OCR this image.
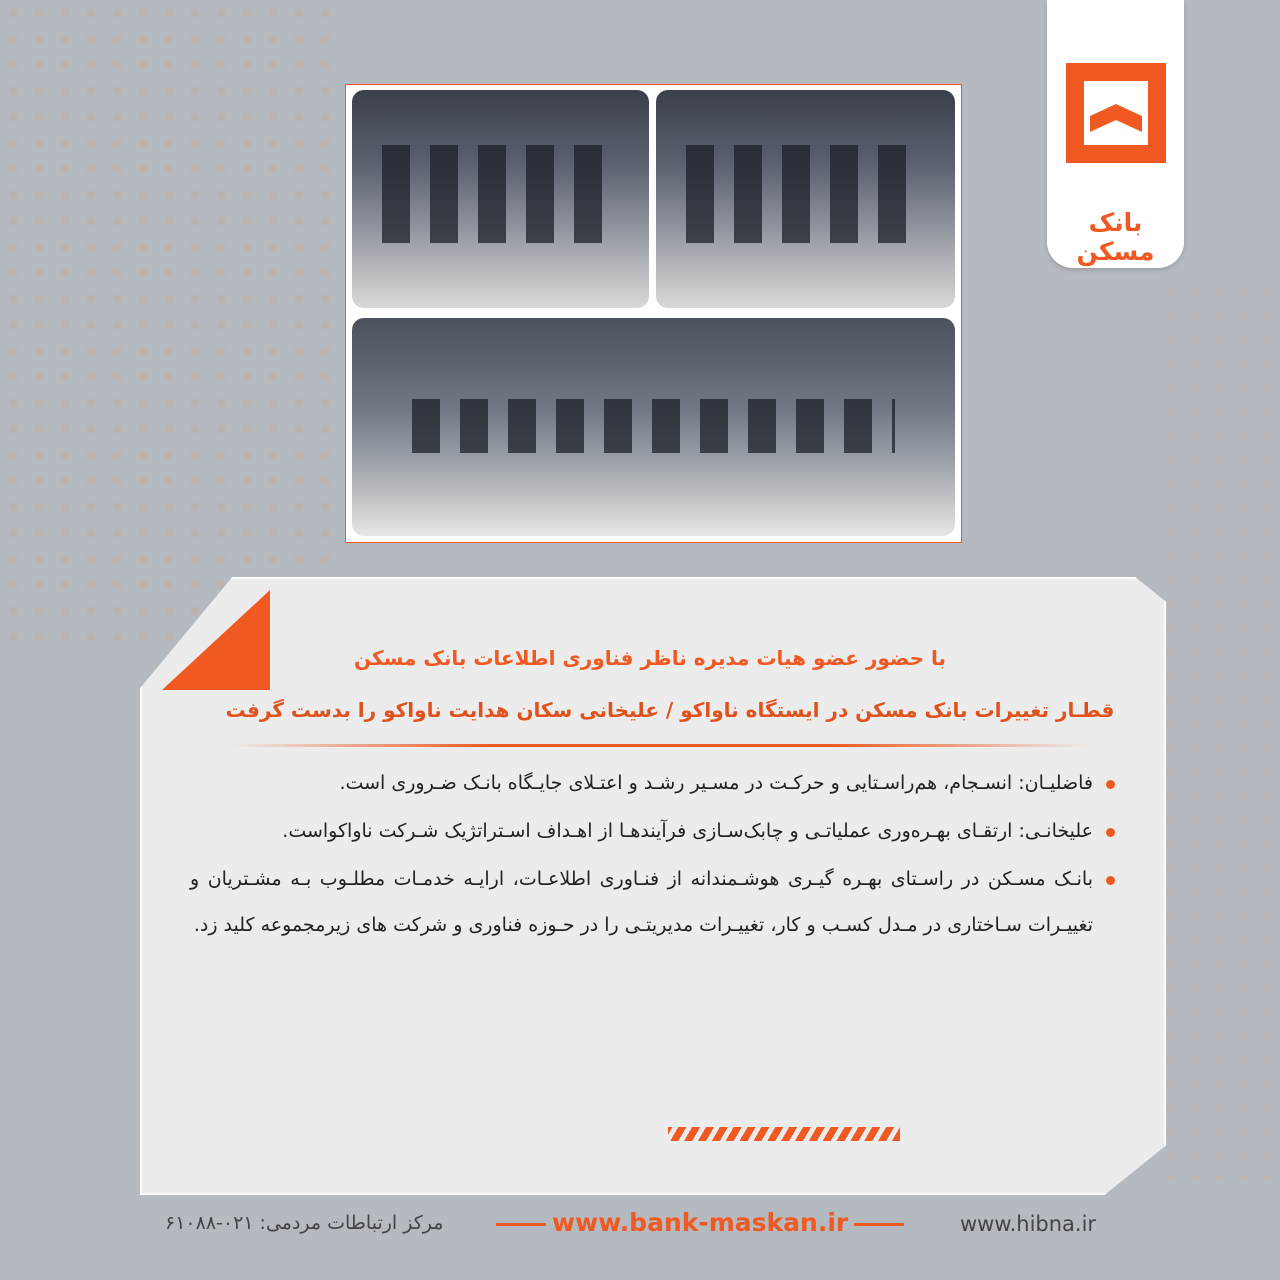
بانک مسکن
با حضور عضو هیات مدیره ناظر فناوری اطلاعات بانک مسکن
قطـار تغییرات بانک مسکن در ایستگاه ناواکو / علیخانی سکان هدایت ناواکو را بدست گرفت

فاضلیـان: انسـجام، هم‌راسـتایی و حرکـت در مسـیر رشـد و اعتـلای جایـگاه بانـک ضـروری است.

علیخانـی: ارتقـای بهـره‌وری عملیاتـی و چابک‌سـازی فرآیندهـا از اهـداف اسـتراتژیک شـرکت ناواکواست.

بانـک مسـکن در راسـتای بهـره گیـری هوشـمندانه از فنـاوری اطلاعـات، ارایـه خدمـات مطلـوب بـه مشـتریان و تغییـرات سـاختاری در مـدل کسـب و کار، تغییـرات مدیریتـی را در حـوزه فناوری و شرکت های زیرمجموعه کلید زد.

مرکز ارتباطات مردمی: ۰۲۱-۶۱۰۸۸	www.bank-maskan.ir	www.hibna.ir
